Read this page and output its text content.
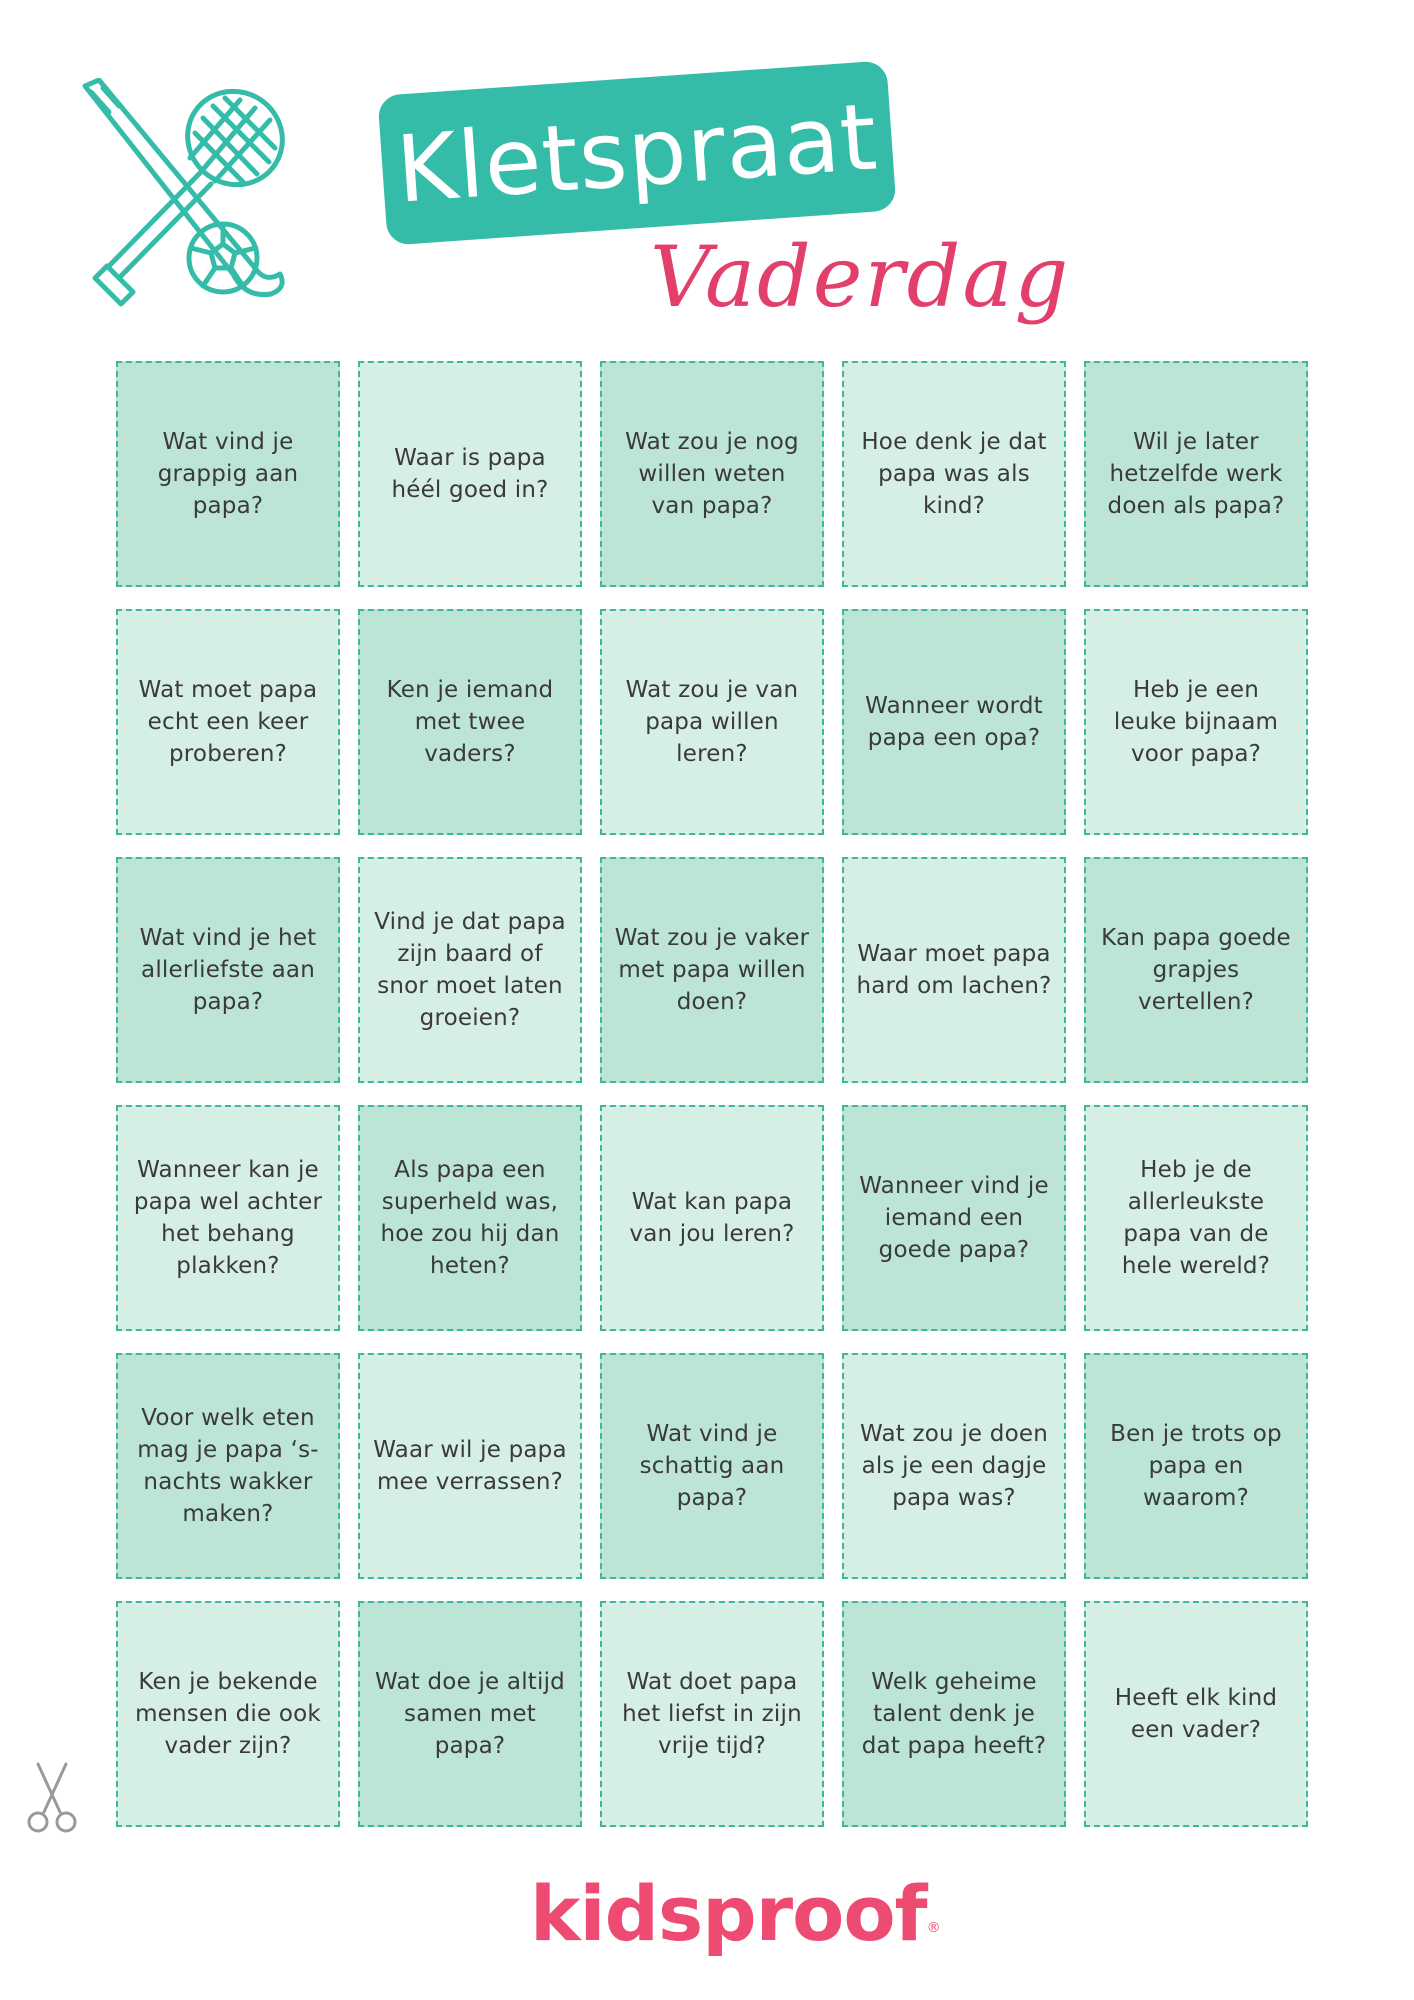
Kletspraat
Vaderdag
Wat vind je grappig aan papa?
Waar is papa héél goed in?
Wat zou je nog willen weten van papa?
Hoe denk je dat papa was als kind?
Wil je later hetzelfde werk doen als papa?
Wat moet papa echt een keer proberen?
Ken je iemand met twee vaders?
Wat zou je van papa willen leren?
Wanneer wordt papa een opa?
Heb je een leuke bijnaam voor papa?
Wat vind je het allerliefste aan papa?
Vind je dat papa zijn baard of snor moet laten groeien?
Wat zou je vaker met papa willen doen?
Waar moet papa hard om lachen?
Kan papa goede grapjes vertellen?
Wanneer kan je papa wel achter het behang plakken?
Als papa een superheld was, hoe zou hij dan heten?
Wat kan papa van jou leren?
Wanneer vind je iemand een goede papa?
Heb je de allerleukste papa van de hele wereld?
Voor welk eten mag je papa ‘s-nachts wakker maken?
Waar wil je papa mee verrassen?
Wat vind je schattig aan papa?
Wat zou je doen als je een dagje papa was?
Ben je trots op papa en waarom?
Ken je bekende mensen die ook vader zijn?
Wat doe je altijd samen met papa?
Wat doet papa het liefst in zijn vrije tijd?
Welk geheime talent denk je dat papa heeft?
Heeft elk kind een vader?
kidsproof®
